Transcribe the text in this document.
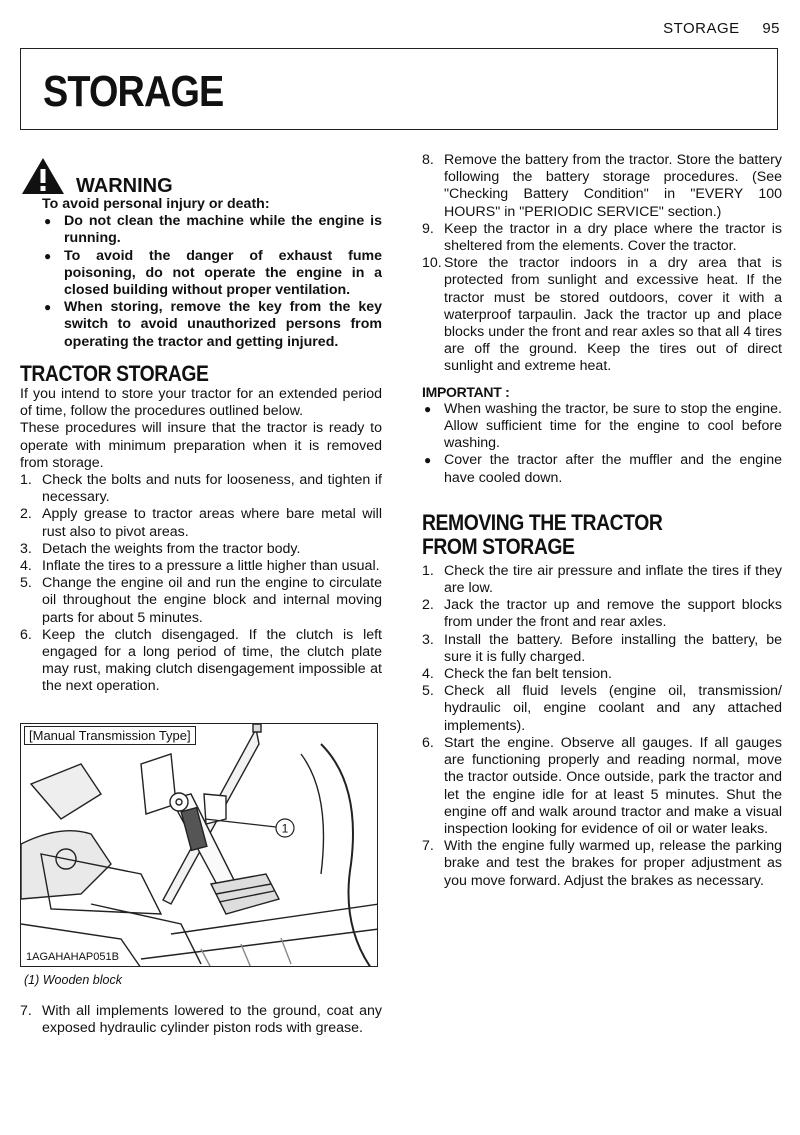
STORAGE 95
STORAGE
WARNING
To avoid personal injury or death:
● Do not clean the machine while the engine is running.
● To avoid the danger of exhaust fume poisoning, do not operate the engine in a closed building without proper ventilation.
● When storing, remove the key from the key switch to avoid unauthorized persons from operating the tractor and getting injured.
TRACTOR STORAGE

If you intend to store your tractor for an extended period of time, follow the procedures outlined below.

These procedures will insure that the tractor is ready to operate with minimum preparation when it is removed from storage.

1. Check the bolts and nuts for looseness, and tighten if necessary.
2. Apply grease to tractor areas where bare metal will rust also to pivot areas.
3. Detach the weights from the tractor body.
4. Inflate the tires to a pressure a little higher than usual.
5. Change the engine oil and run the engine to circulate oil throughout the engine block and internal moving parts for about 5 minutes.
6. Keep the clutch disengaged. If the clutch is left engaged for a long period of time, the clutch plate may rust, making clutch disengagement impossible at the next operation.
1
[Manual Transmission Type]
1AGAHAHAP051B
(1) Wooden block
7. With all implements lowered to the ground, coat any exposed hydraulic cylinder piston rods with grease.
8. Remove the battery from the tractor. Store the battery following the battery storage procedures. (See "Checking Battery Condition" in "EVERY 100 HOURS" in "PERIODIC SERVICE" section.)
9. Keep the tractor in a dry place where the tractor is sheltered from the elements. Cover the tractor.
10. Store the tractor indoors in a dry area that is protected from sunlight and excessive heat. If the tractor must be stored outdoors, cover it with a waterproof tarpaulin. Jack the tractor up and place blocks under the front and rear axles so that all 4 tires are off the ground. Keep the tires out of direct sunlight and extreme heat.
IMPORTANT :
● When washing the tractor, be sure to stop the engine. Allow sufficient time for the engine to cool before washing.
● Cover the tractor after the muffler and the engine have cooled down.
REMOVING THE TRACTOR FROM STORAGE
1. Check the tire air pressure and inflate the tires if they are low.
2. Jack the tractor up and remove the support blocks from under the front and rear axles.
3. Install the battery. Before installing the battery, be sure it is fully charged.
4. Check the fan belt tension.
5. Check all fluid levels (engine oil, transmission/ hydraulic oil, engine coolant and any attached implements).
6. Start the engine. Observe all gauges. If all gauges are functioning properly and reading normal, move the tractor outside. Once outside, park the tractor and let the engine idle for at least 5 minutes. Shut the engine off and walk around tractor and make a visual inspection looking for evidence of oil or water leaks.
7. With the engine fully warmed up, release the parking brake and test the brakes for proper adjustment as you move forward. Adjust the brakes as necessary.
